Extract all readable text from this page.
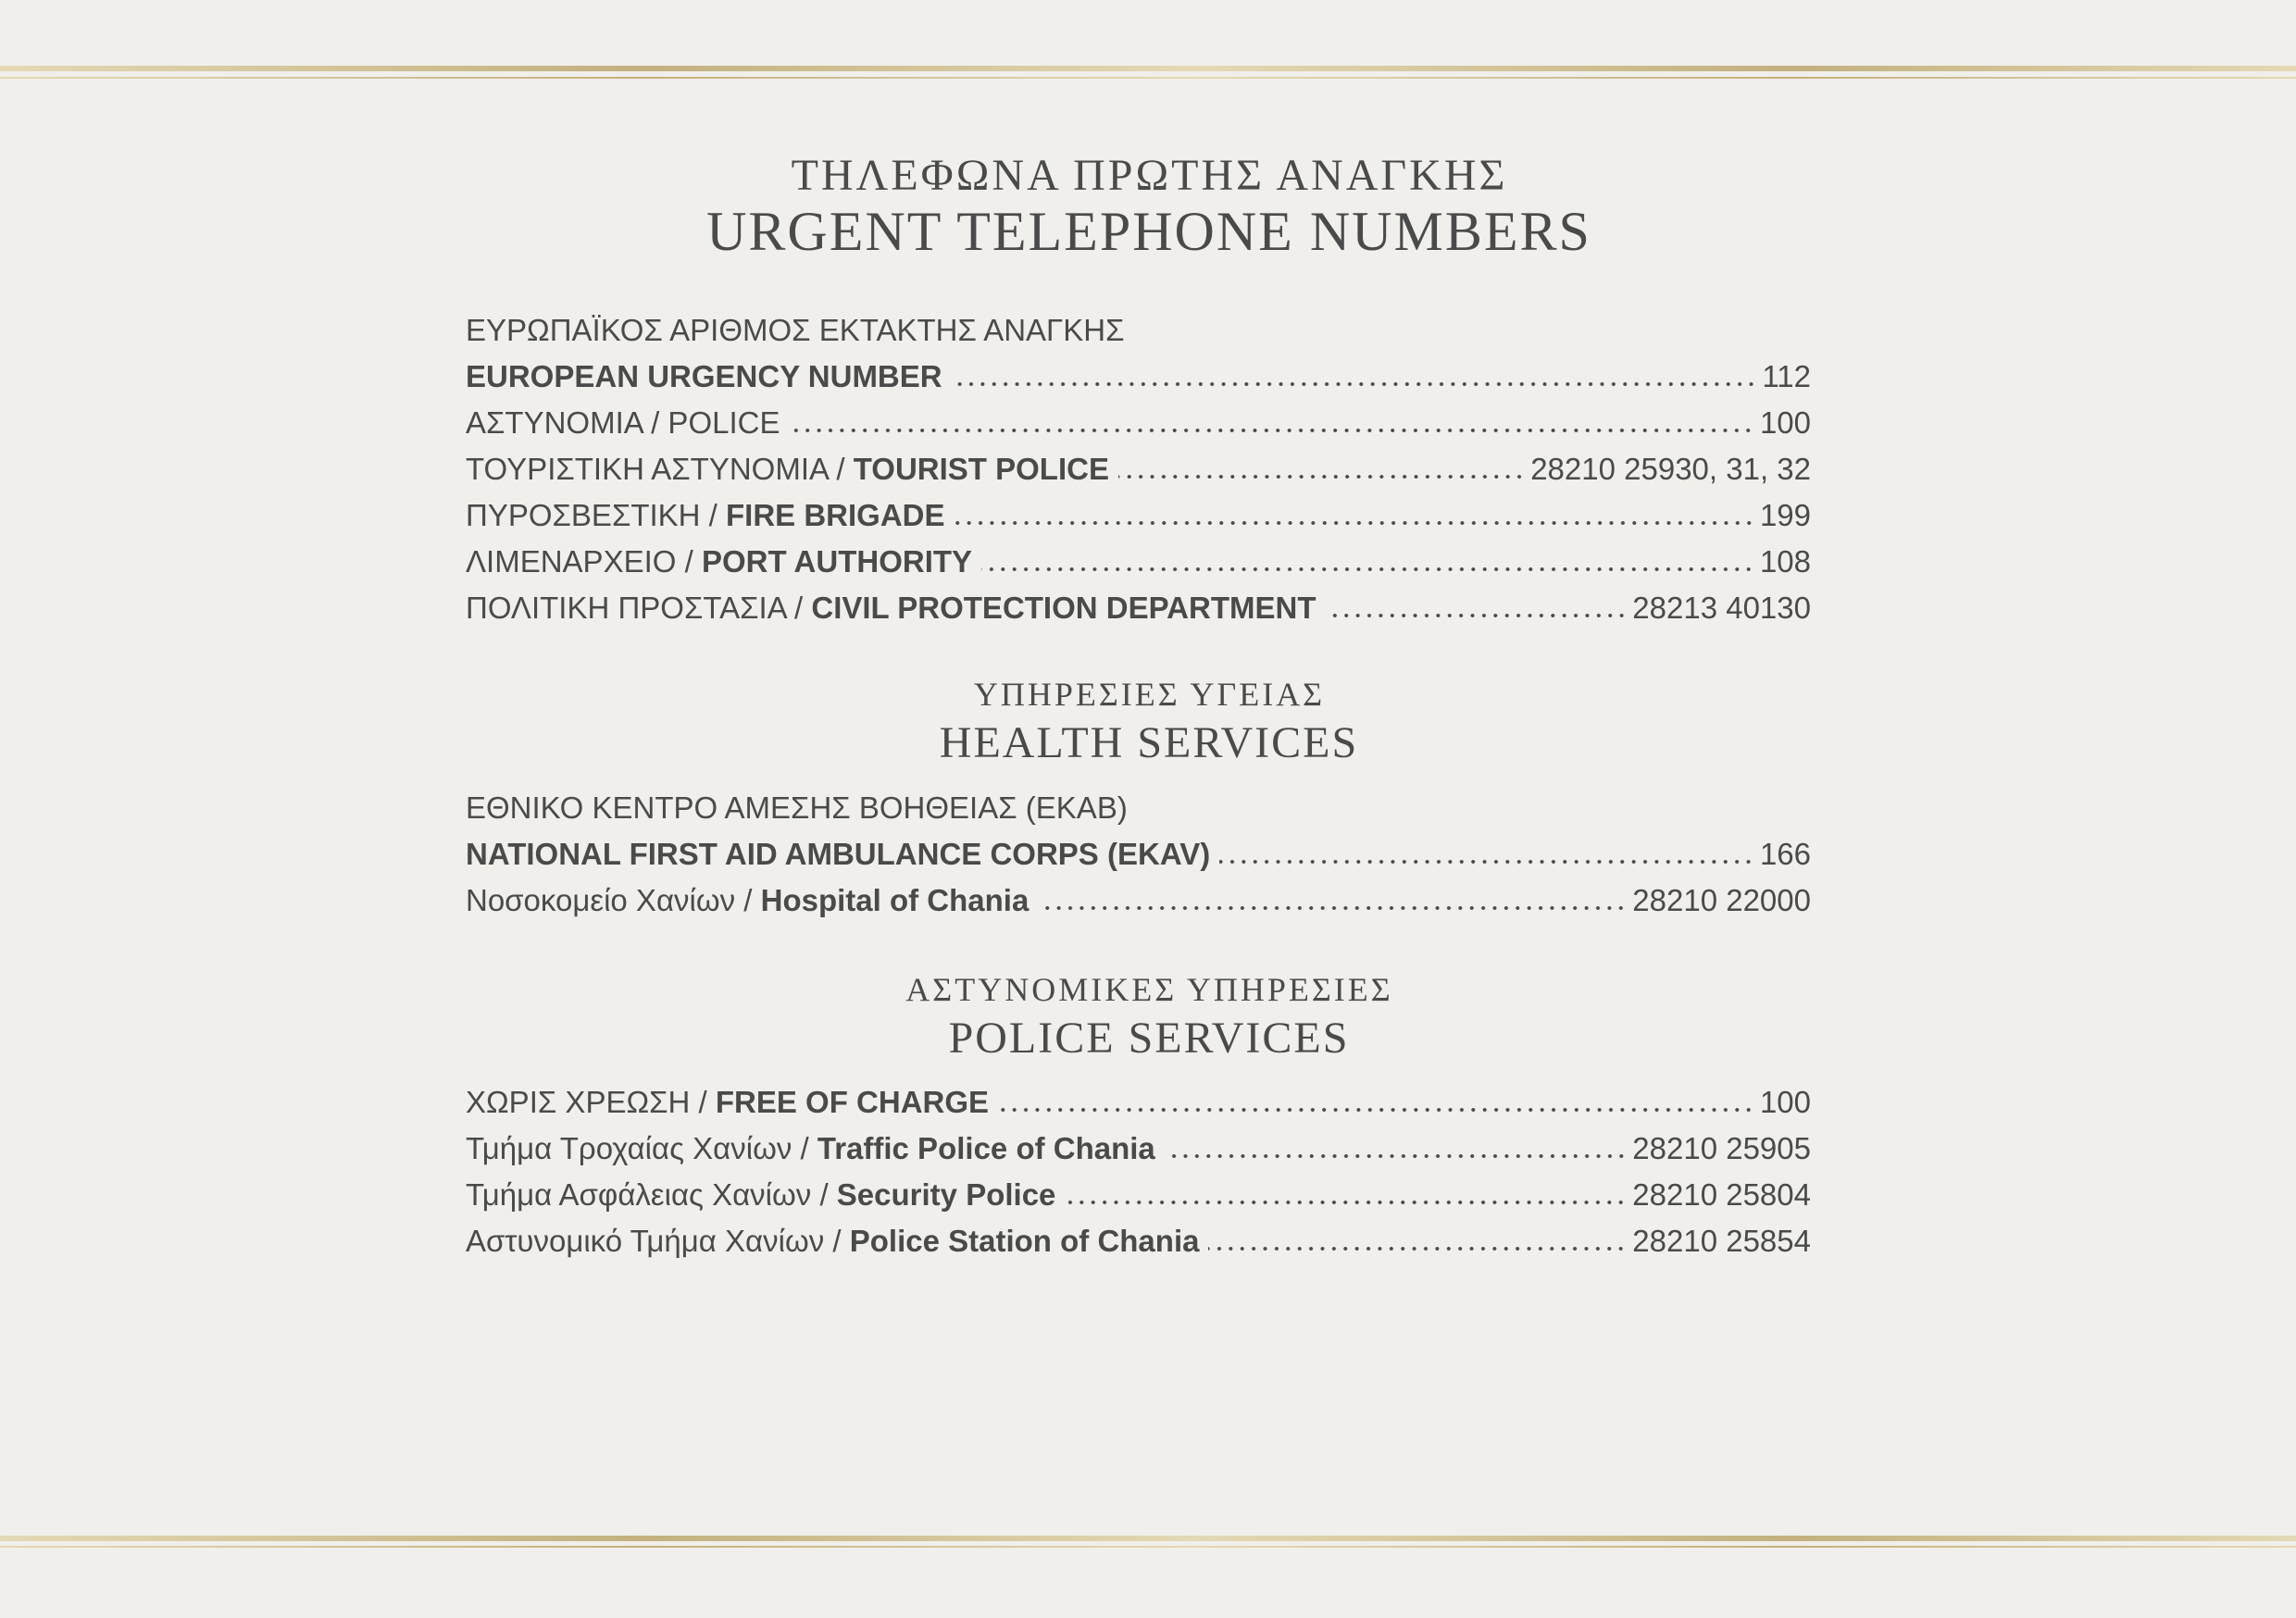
ΤΗΛΕΦΩΝΑ ΠΡΩΤΗΣ ΑΝΑΓΚΗΣ
URGENT TELEPHONE NUMBERS
ΕΥΡΩΠΑΪΚΟΣ ΑΡΙΘΜΟΣ ΕΚΤΑΚΤΗΣ ΑΝΑΓΚΗΣ
EUROPEAN URGENCY NUMBER	112
ΑΣΤΥΝΟΜΙΑ / POLICE	100
ΤΟΥΡΙΣΤΙΚΗ ΑΣΤΥΝΟΜΙΑ / TOURIST POLICE	28210 25930, 31, 32
ΠΥΡΟΣΒΕΣΤΙΚΗ / FIRE BRIGADE	199
ΛΙΜΕΝΑΡΧΕΙΟ / PORT AUTHORITY	108
ΠΟΛΙΤΙΚΗ ΠΡΟΣΤΑΣΙΑ / CIVIL PROTECTION DEPARTMENT	28213 40130
ΥΠΗΡΕΣΙΕΣ ΥΓΕΙΑΣ
HEALTH SERVICES
ΕΘΝΙΚΟ ΚΕΝΤΡΟ ΑΜΕΣΗΣ ΒΟΗΘΕΙΑΣ (ΕΚΑΒ)
NATIONAL FIRST AID AMBULANCE CORPS (EKAV)	166
Νοσοκομείο Χανίων / Hospital of Chania	28210 22000
ΑΣΤΥΝΟΜΙΚΕΣ ΥΠΗΡΕΣΙΕΣ
POLICE SERVICES
ΧΩΡΙΣ ΧΡΕΩΣΗ / FREE OF CHARGE	100
Τμήμα Τροχαίας Χανίων / Traffic Police of Chania	28210 25905
Τμήμα Ασφάλειας Χανίων / Security Police	28210 25804
Αστυνομικό Τμήμα Χανίων / Police Station of Chania	28210 25854
